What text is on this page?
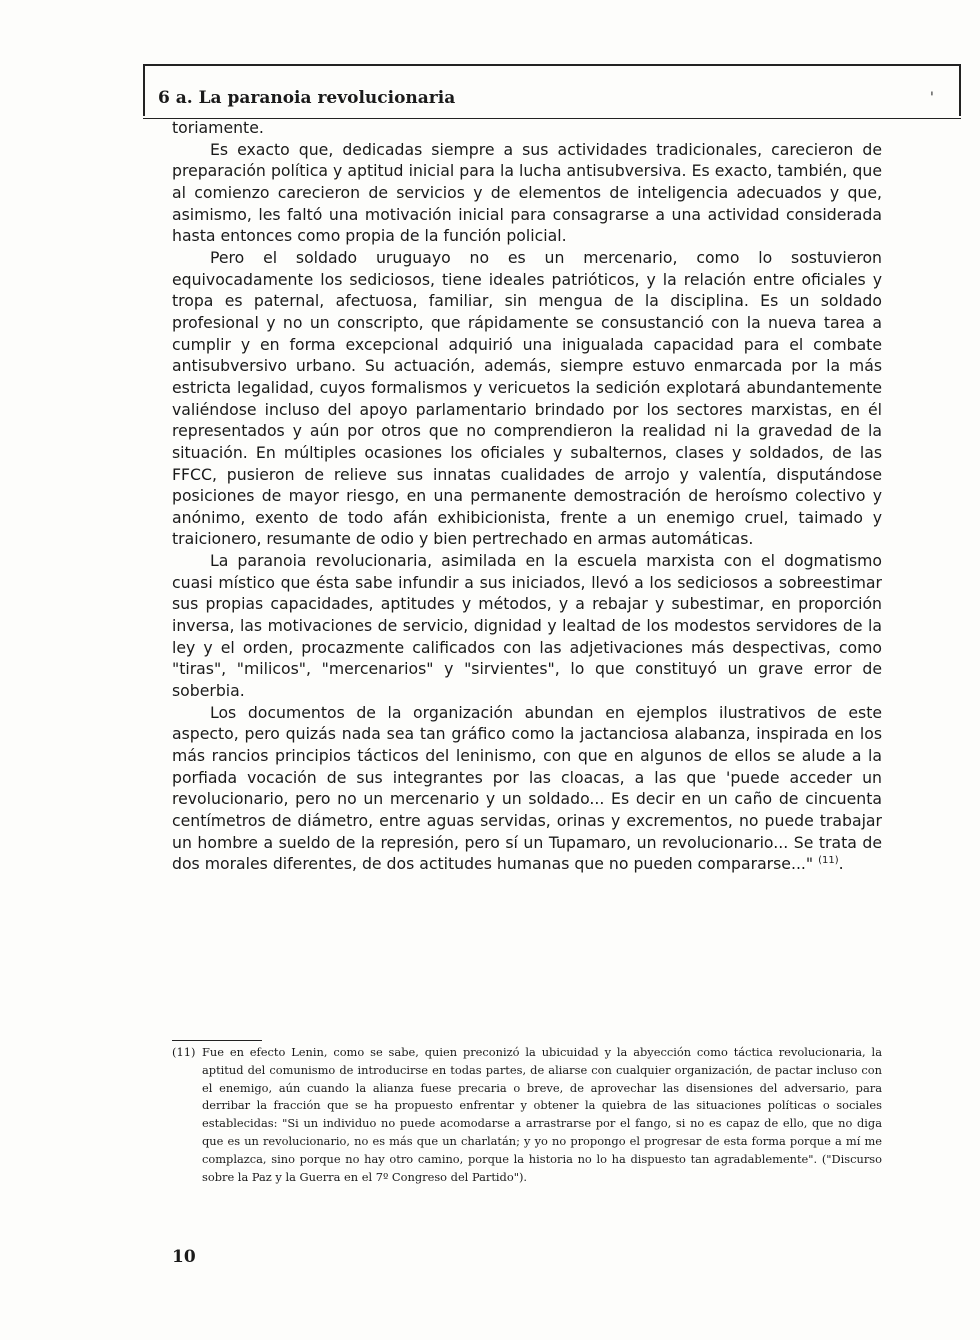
6 a. La paranoia revolucionaria	'

toriamente.

Es exacto que, dedicadas siempre a sus actividades tradicionales, carecieron de preparación política y aptitud inicial para la lucha antisubversiva. Es exacto, también, que al comienzo carecieron de servicios y de elementos de inteligencia adecuados y que, asimismo, les faltó una motivación inicial para consagrarse a una actividad considerada hasta entonces como propia de la función policial.

Pero el soldado uruguayo no es un mercenario, como lo sostuvieron equivocadamente los sediciosos, tiene ideales patrióticos, y la relación entre oficiales y tropa es paternal, afectuosa, familiar, sin mengua de la disciplina. Es un soldado profesional y no un conscripto, que rápidamente se consustanció con la nueva tarea a cumplir y en forma excepcional adquirió una inigualada capacidad para el combate antisubversivo urbano. Su actuación, además, siempre estuvo enmarcada por la más estricta legalidad, cuyos formalismos y vericuetos la sedición explotará abundantemente valiéndose incluso del apoyo parlamentario brindado por los sectores marxistas, en él representados y aún por otros que no comprendieron la realidad ni la gravedad de la situación. En múltiples ocasiones los oficiales y subalternos, clases y soldados, de las FFCC, pusieron de relieve sus innatas cualidades de arrojo y valentía, disputándose posiciones de mayor riesgo, en una permanente demostración de heroísmo colectivo y anónimo, exento de todo afán exhibicionista, frente a un enemigo cruel, taimado y traicionero, resumante de odio y bien pertrechado en armas automáticas.

La paranoia revolucionaria, asimilada en la escuela marxista con el dogmatismo cuasi místico que ésta sabe infundir a sus iniciados, llevó a los sediciosos a sobreestimar sus propias capacidades, aptitudes y métodos, y a rebajar y subestimar, en proporción inversa, las motivaciones de servicio, dignidad y lealtad de los modestos servidores de la ley y el orden, procazmente calificados con las adjetivaciones más despectivas, como "tiras", "milicos", "mercenarios" y "sirvientes", lo que constituyó un grave error de soberbia.

Los documentos de la organización abundan en ejemplos ilustrativos de este aspecto, pero quizás nada sea tan gráfico como la jactanciosa alabanza, inspirada en los más rancios principios tácticos del leninismo, con que en algunos de ellos se alude a la porfiada vocación de sus integrantes por las cloacas, a las que 'puede acceder un revolucionario, pero no un mercenario y un soldado... Es decir en un caño de cincuenta centímetros de diámetro, entre aguas servidas, orinas y excrementos, no puede trabajar un hombre a sueldo de la represión, pero sí un Tupamaro, un revolucionario... Se trata de dos morales diferentes, de dos actitudes humanas que no pueden compararse..." $^{(11)}$.

(11) Fue en efecto Lenin, como se sabe, quien preconizó la ubicuidad y la abyección como táctica revolucionaria, la aptitud del comunismo de introducirse en todas partes, de aliarse con cualquier organización, de pactar incluso con el enemigo, aún cuando la alianza fuese precaria o breve, de aprovechar las disensiones del adversario, para derribar la fracción que se ha propuesto enfrentar y obtener la quiebra de las situaciones políticas o sociales establecidas: "Si un individuo no puede acomodarse a arrastrarse por el fango, si no es capaz de ello, que no diga que es un revolucionario, no es más que un charlatán; y yo no propongo el progresar de esta forma porque a mí me complazca, sino porque no hay otro camino, porque la historia no lo ha dispuesto tan agradablemente". ("Discurso sobre la Paz y la Guerra en el 7º Congreso del Partido").
10
